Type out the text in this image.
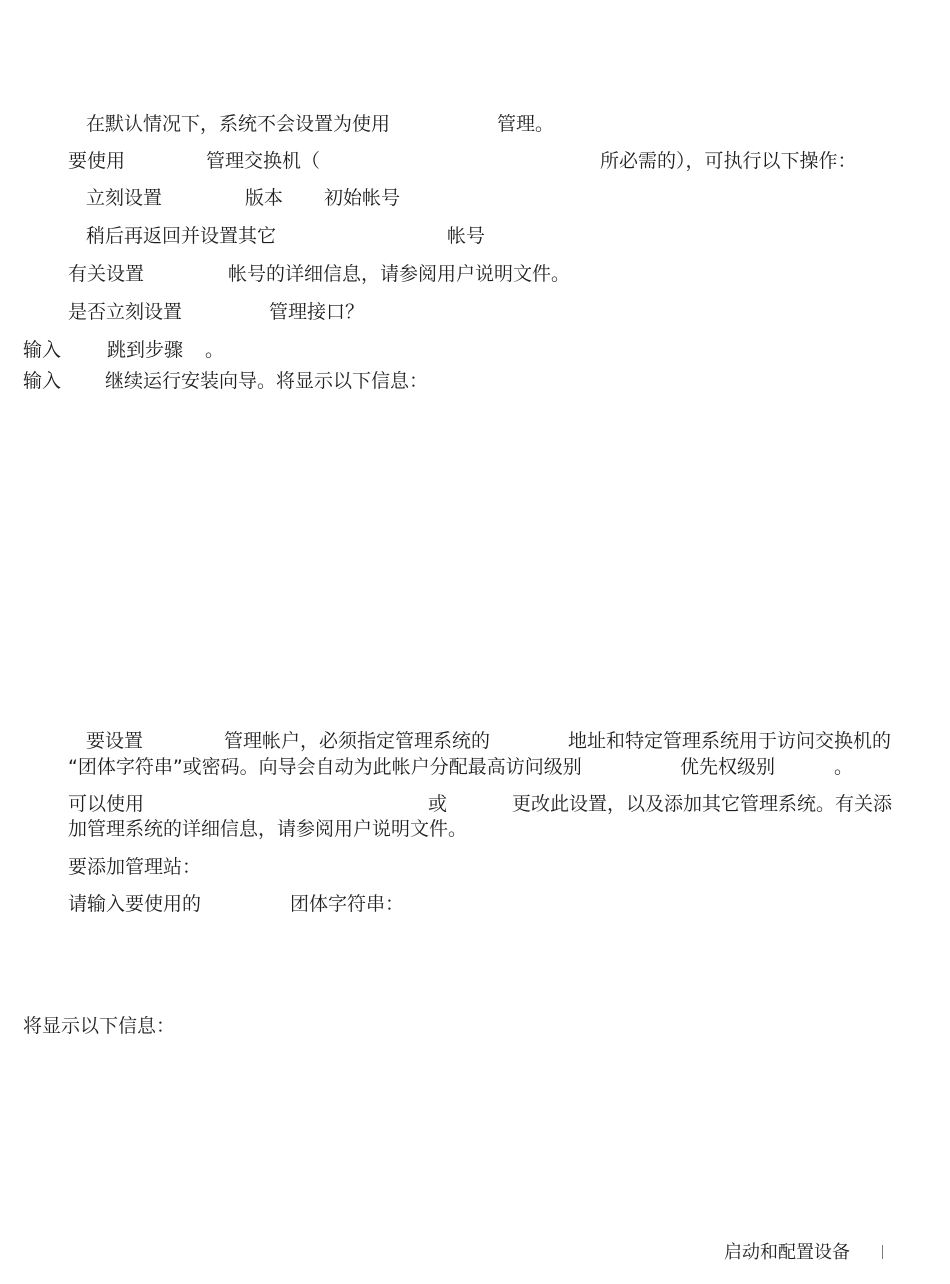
在默认情况下，系统不会设置为使用	管理。
要使用	管理交换机（	所必需的），可执行以下操作：
立刻设置	版本 初始帐号
稍后再返回并设置其它	帐号
有关设置	帐号的详细信息，请参阅用户说明文件。
是否立刻设置	管理接口？
输入 跳到步骤 。
输入 继续运行安装向导。将显示以下信息：
要设置	管理帐户，必须指定管理系统的	地址和特定管理系统用于访问交换机的
“团体字符串”或密码。向导会自动为此帐户分配最高访问级别	优先权级别	。
可以使用	或	更改此设置，以及添加其它管理系统。有关添
加管理系统的详细信息，请参阅用户说明文件。
要添加管理站：
请输入要使用的	团体字符串：
将显示以下信息：
启动和配置设备
